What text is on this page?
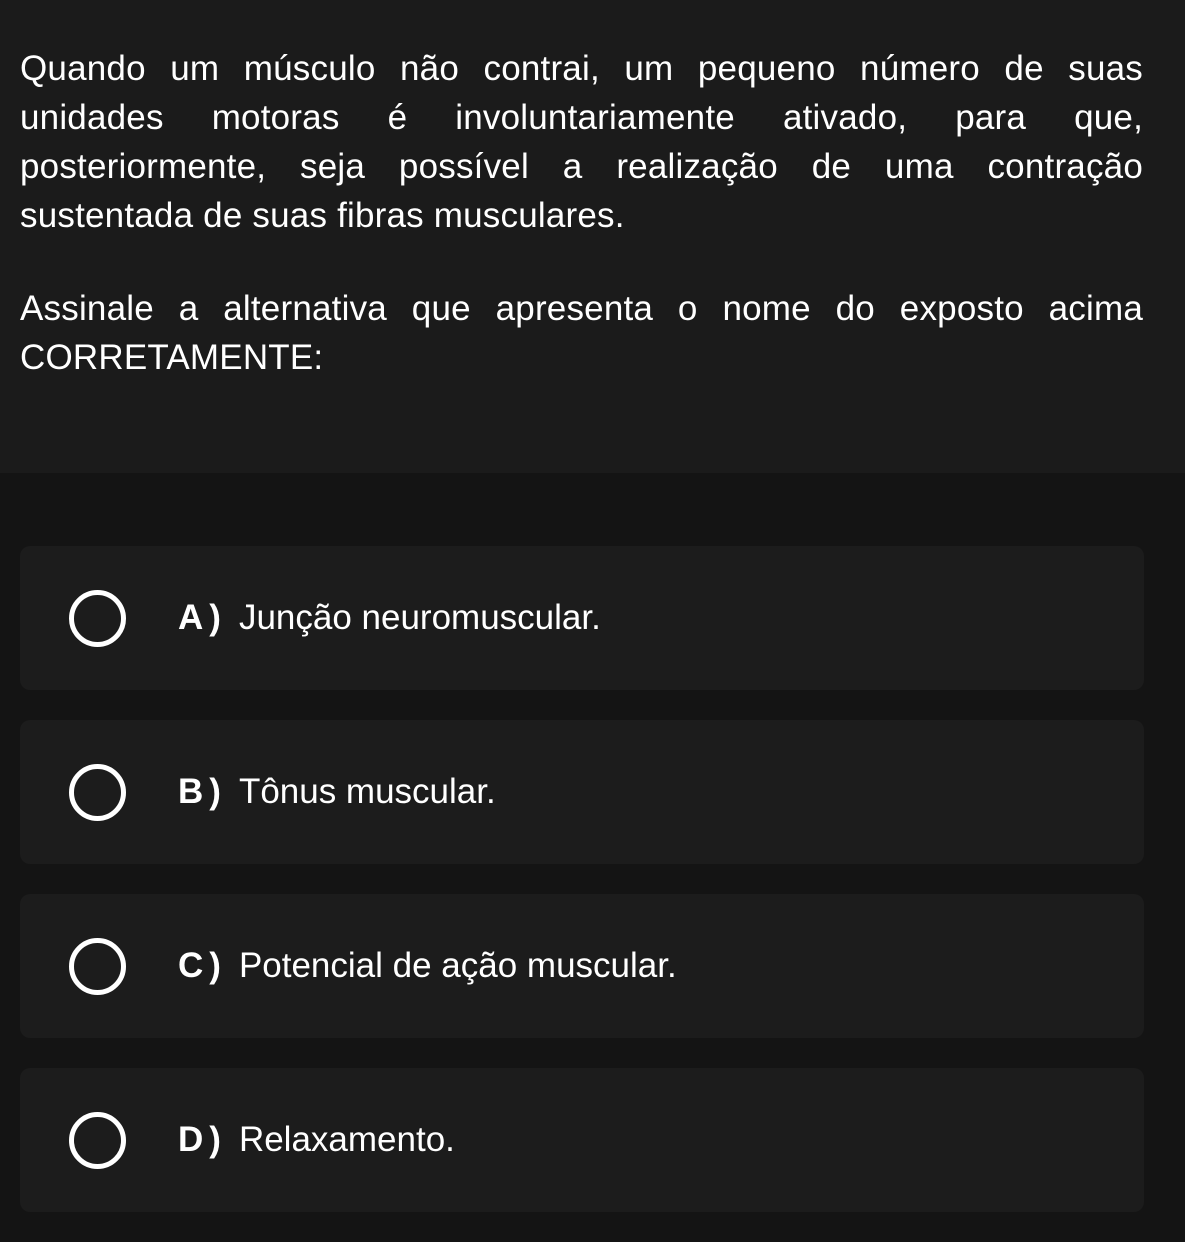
Quando um músculo não contrai, um pequeno número de suas unidades motoras é involuntariamente ativado, para que, posteriormente, seja possível a realização de uma contração sustentada de suas fibras musculares.

Assinale a alternativa que apresenta o nome do exposto acima CORRETAMENTE:

A ) Junção neuromuscular.
B ) Tônus muscular.
C ) Potencial de ação muscular.
D ) Relaxamento.
